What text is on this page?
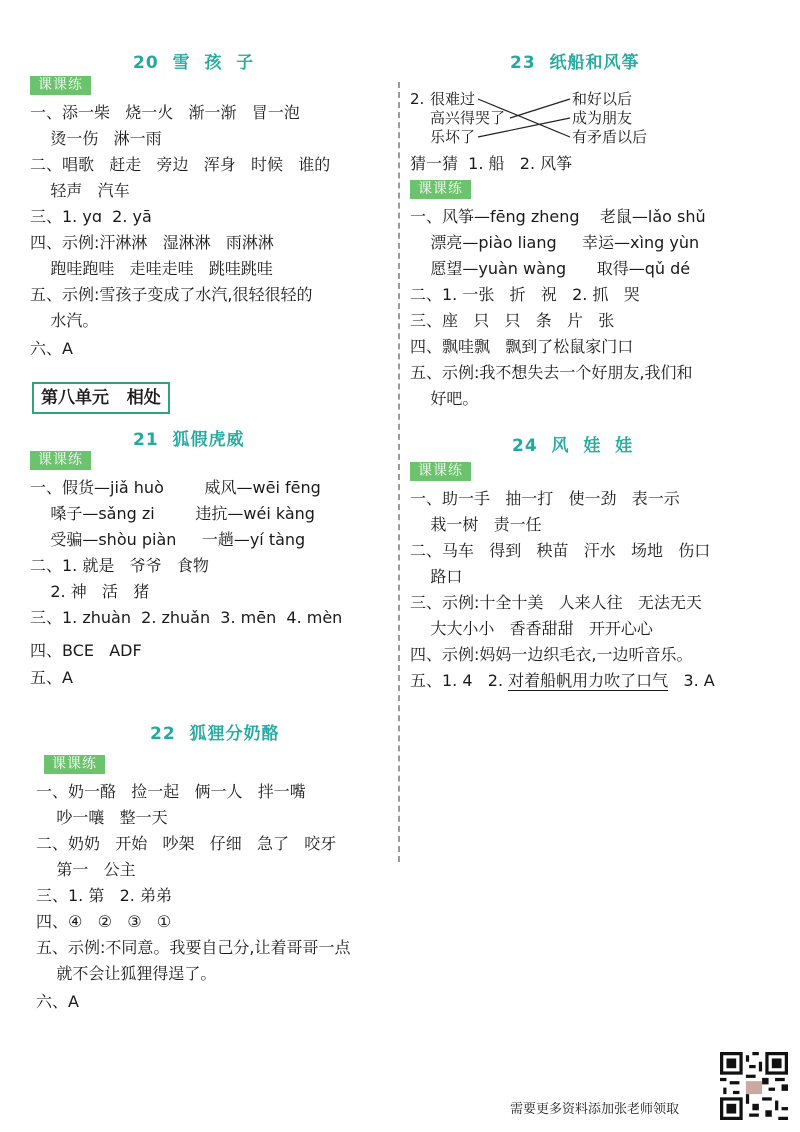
20  雪  孩  子
课课练
一、添一柴   烧一火   渐一渐   冒一泡
烫一伤   淋一雨
二、唱歌   赶走   旁边   浑身   时候   谁的
轻声   汽车
三、1. yɑ  2. yā
四、示例:汗淋淋   湿淋淋   雨淋淋
跑哇跑哇   走哇走哇   跳哇跳哇
五、示例:雪孩子变成了水汽,很轻很轻的
水汽。
六、A
第八单元   相处
21  狐假虎威
课课练
一、假货—jiǎ huò        威风—wēi fēng
嗓子—sǎng zi        违抗—wéi kàng
受骗—shòu piàn     一趟—yí tàng
二、1. 就是   爷爷   食物
2. 神   活   猪
三、1. zhuàn  2. zhuǎn  3. mēn  4. mèn
四、BCE   ADF
五、A
22  狐狸分奶酪
课课练
一、奶一酪   捡一起   俩一人   拌一嘴
吵一嚷   整一天
二、奶奶   开始   吵架   仔细   急了   咬牙
第一   公主
三、1. 第   2. 弟弟
四、④   ②   ③   ①
五、示例:不同意。我要自己分,让着哥哥一点
就不会让狐狸得逞了。
六、A
23  纸船和风筝
2. 很难过
高兴得哭了
乐坏了
和好以后
成为朋友
有矛盾以后
猜一猜  1. 船   2. 风筝
课课练
一、风筝—fēng zheng    老鼠—lǎo shǔ
漂亮—piào liang     幸运—xìng yùn
愿望—yuàn wàng      取得—qǔ dé
二、1. 一张   折   祝   2. 抓   哭
三、座   只   只   条   片   张
四、飘哇飘   飘到了松鼠家门口
五、示例:我不想失去一个好朋友,我们和
好吧。
24  风  娃  娃
课课练
一、助一手   抽一打   使一劲   表一示
栽一树   责一任
二、马车   得到   秧苗   汗水   场地   伤口
路口
三、示例:十全十美   人来人往   无法无天
大大小小   香香甜甜   开开心心
四、示例:妈妈一边织毛衣,一边听音乐。
五、1. 4   2. 对着船帆用力吹了口气   3. A
需要更多资料添加张老师领取
